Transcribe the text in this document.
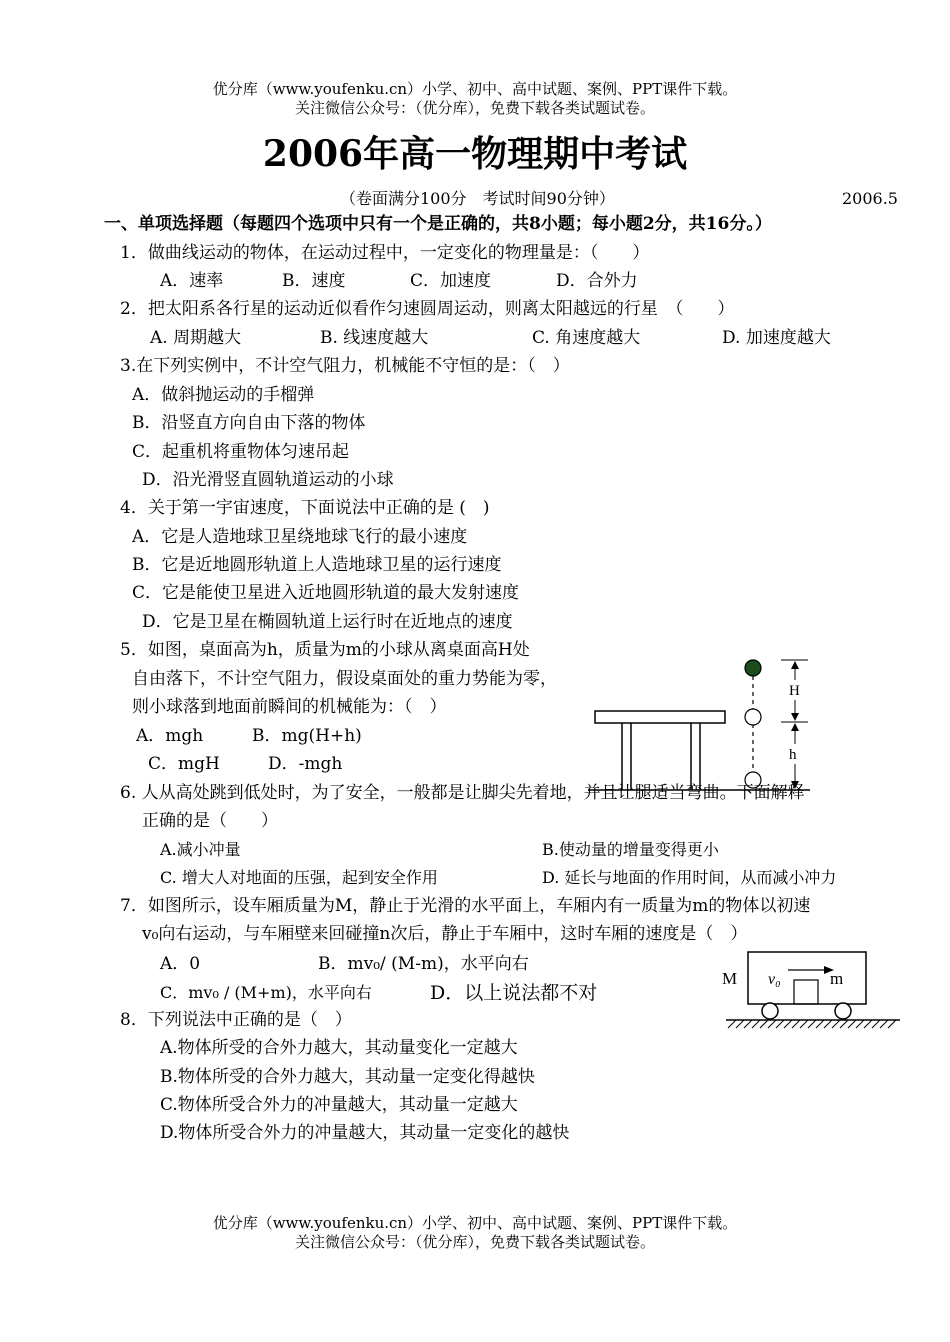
优分库（www.youfenku.cn）小学、初中、高中试题、案例、PPT课件下载。
关注微信公众号：（优分库），免费下载各类试题试卷。
2006年高一物理期中考试
（卷面满分100分　考试时间90分钟）	2006.5
一、单项选择题（每题四个选项中只有一个是正确的，共8小题；每小题2分，共16分。）
1．做曲线运动的物体，在运动过程中，一定变化的物理量是：（　　）
A．速率	B．速度	C．加速度	D．合外力
2．把太阳系各行星的运动近似看作匀速圆周运动，则离太阳越远的行星　（　　）
A. 周期越大	B. 线速度越大	C. 角速度越大	D. 加速度越大
3.在下列实例中，不计空气阻力，机械能不守恒的是：（　）
A．做斜抛运动的手榴弹
B．沿竖直方向自由下落的物体
C．起重机将重物体匀速吊起
D．沿光滑竖直圆轨道运动的小球
4．关于第一宇宙速度，下面说法中正确的是 (　)
A．它是人造地球卫星绕地球飞行的最小速度
B．它是近地圆形轨道上人造地球卫星的运行速度
C．它是能使卫星进入近地圆形轨道的最大发射速度
D．它是卫星在椭圆轨道上运行时在近地点的速度
5．如图，桌面高为h，质量为m的小球从离桌面高H处
自由落下，不计空气阻力，假设桌面处的重力势能为零，
则小球落到地面前瞬间的机械能为：（　）
A．mgh	B．mg(H+h)
C．mgH	D．-mgh
H
h
6. 人从高处跳到低处时，为了安全，一般都是让脚尖先着地，并且让腿适当弯曲。下面解释
正确的是（　　）
A.减小冲量	B.使动量的增量变得更小
C. 增大人对地面的压强，起到安全作用	D. 延长与地面的作用时间，从而减小冲力
7．如图所示，设车厢质量为M，静止于光滑的水平面上，车厢内有一质量为m的物体以初速
v₀向右运动，与车厢壁来回碰撞n次后，静止于车厢中，这时车厢的速度是（　）
A．0	B．mv₀/ (M-m)，水平向右
C．mv₀ / (M+m)，水平向右	D．以上说法都不对
M v₀	m
8．下列说法中正确的是（　）
A.物体所受的合外力越大，其动量变化一定越大
B.物体所受的合外力越大，其动量一定变化得越快
C.物体所受合外力的冲量越大，其动量一定越大
D.物体所受合外力的冲量越大，其动量一定变化的越快
优分库（www.youfenku.cn）小学、初中、高中试题、案例、PPT课件下载。
关注微信公众号：（优分库），免费下载各类试题试卷。
